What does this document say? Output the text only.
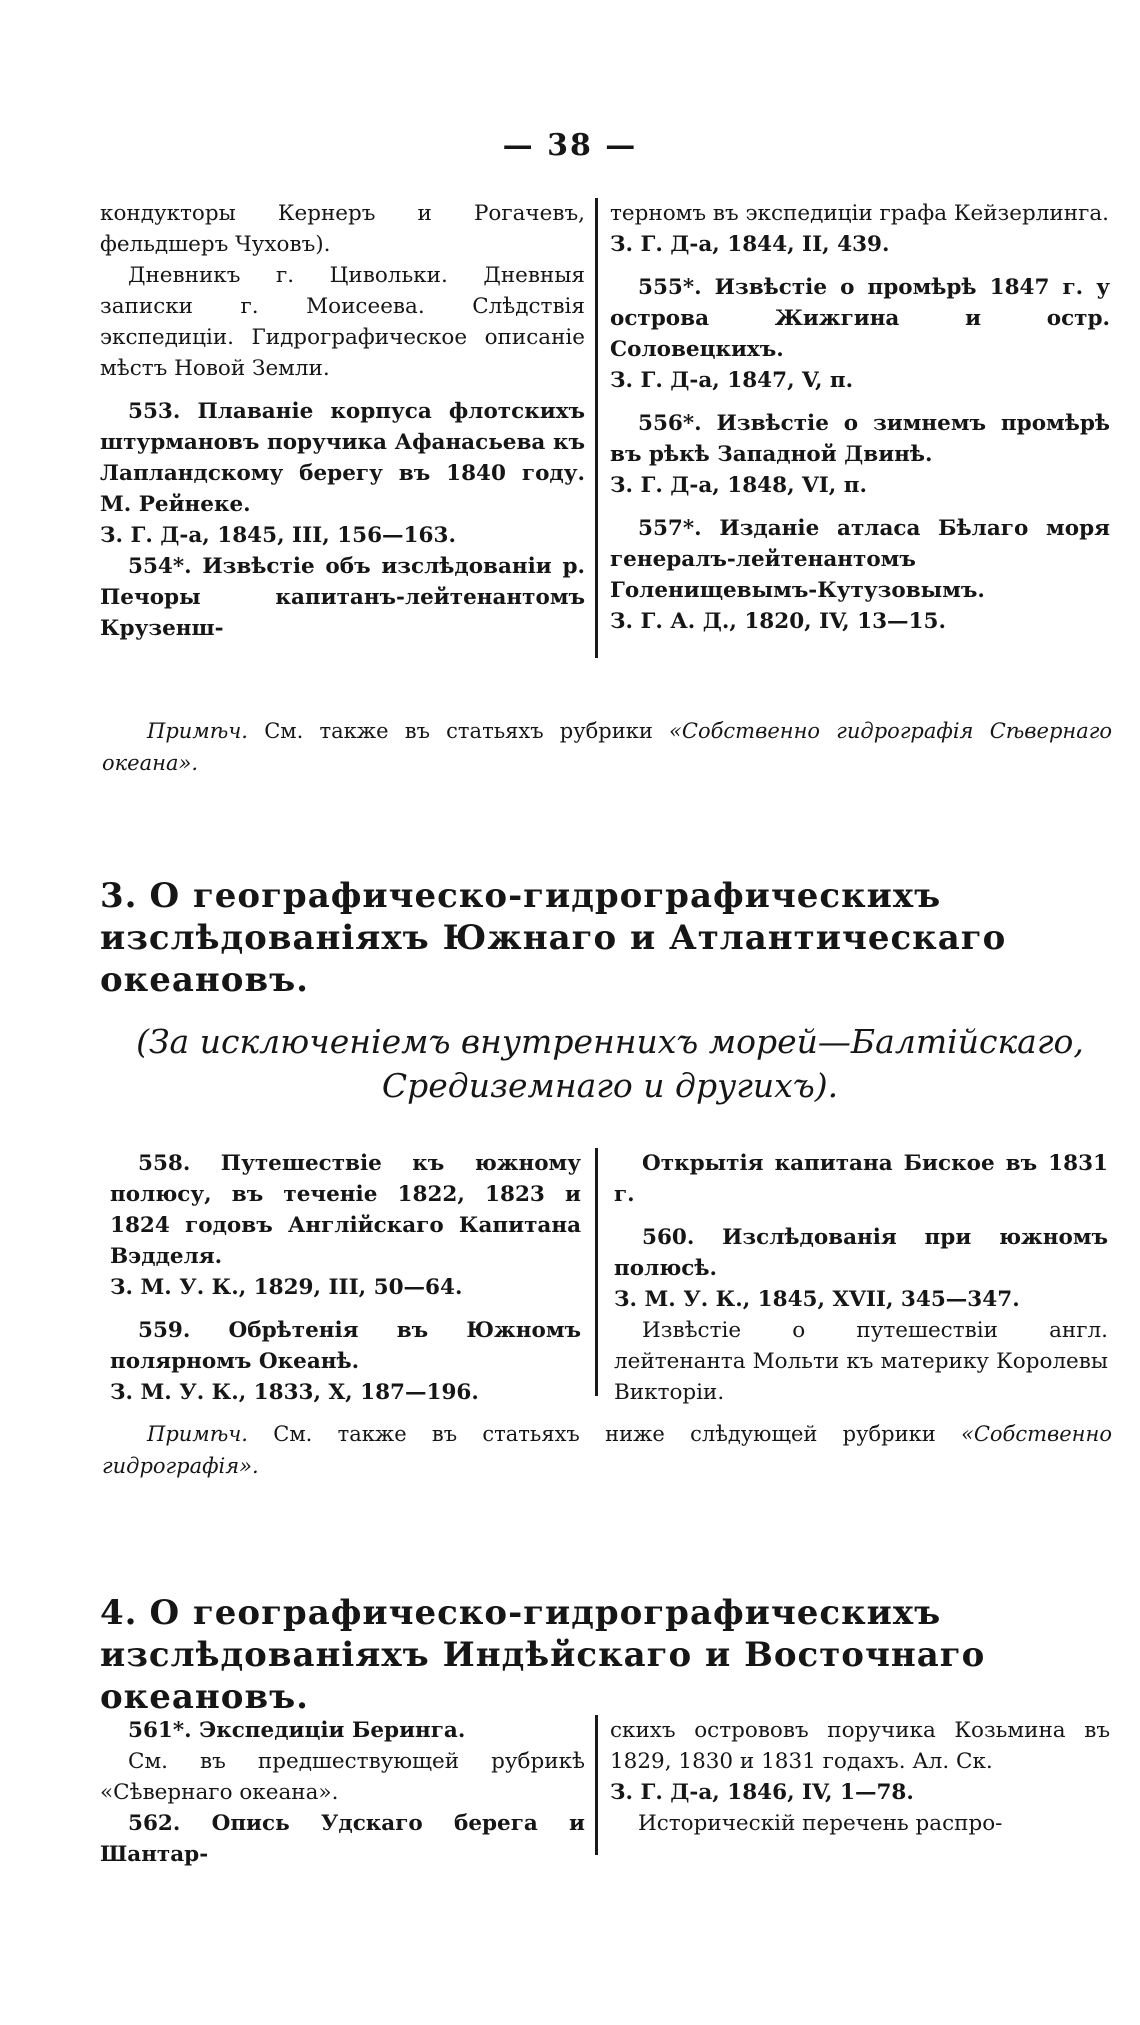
— 38 —

кондукторы Кернеръ и Рогачевъ, фельдшеръ Чуховъ).

Дневникъ г. Цивольки. Дневныя записки г. Моисеева. Слѣдствія экспедиціи. Гидрографическое описаніе мѣстъ Новой Земли.

553. Плаваніе корпуса флотскихъ штурмановъ поручика Афанасьева къ Лапландскому берегу въ 1840 году. М. Рейнеке.

З. Г. Д-а, 1845, III, 156—163.

554*. Извѣстіе объ изслѣдованіи р. Печоры капитанъ-лейтенантомъ Крузенш-

терномъ въ экспедиціи графа Кейзерлинга.

З. Г. Д-а, 1844, II, 439.

555*. Извѣстіе о промѣрѣ 1847 г. у острова Жижгина и остр. Соловецкихъ.

З. Г. Д-а, 1847, V, п.

556*. Извѣстіе о зимнемъ промѣрѣ въ рѣкѣ Западной Двинѣ.

З. Г. Д-а, 1848, VI, п.

557*. Изданіе атласа Бѣлаго моря генералъ-лейтенантомъ Голенищевымъ-Кутузовымъ.

З. Г. А. Д., 1820, IV, 13—15.

Примѣч. См. также въ статьяхъ рубрики «Собственно гидрографія Сѣвернаго океана».

3. О географическо-гидрографическихъ изслѣдованіяхъ Южнаго и Атлантическаго океановъ.
(За исключеніемъ внутреннихъ морей—Балтійскаго, Средиземнаго и другихъ).

558. Путешествіе къ южному полюсу, въ теченіе 1822, 1823 и 1824 годовъ Англійскаго Капитана Вэдделя.

З. М. У. К., 1829, III, 50—64.

559. Обрѣтенія въ Южномъ полярномъ Океанѣ.

З. М. У. К., 1833, X, 187—196.

Открытія капитана Биское въ 1831 г.

560. Изслѣдованія при южномъ полюсѣ.

З. М. У. К., 1845, XVII, 345—347.

Извѣстіе о путешествіи англ. лейтенанта Мольти къ материку Королевы Викторіи.

Примѣч. См. также въ статьяхъ ниже слѣдующей рубрики «Собственно гидрографія».

4. О географическо-гидрографическихъ изслѣдованіяхъ Индѣйскаго и Восточнаго океановъ.

561*. Экспедиціи Беринга.

См. въ предшествующей рубрикѣ «Сѣвернаго океана».

562. Опись Удскаго берега и Шантар-

скихъ острововъ поручика Козьмина въ 1829, 1830 и 1831 годахъ. Ал. Ск.

З. Г. Д-а, 1846, IV, 1—78.

Историческій перечень распро-
